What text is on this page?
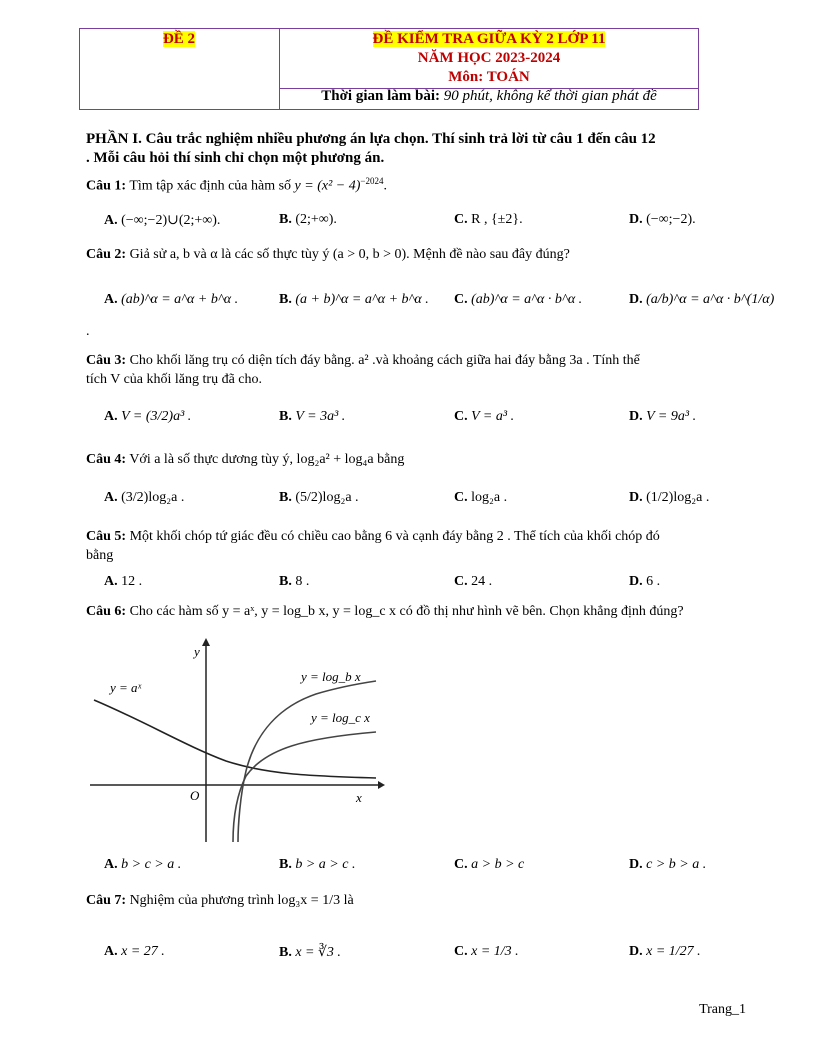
ĐỀ 2	ĐỀ KIỂM TRA GIỮA KỲ 2 LỚP 11
NĂM HỌC 2023-2024
Môn: TOÁN
Thời gian làm bài: 90 phút, không kể thời gian phát đề
PHẦN I. Câu trắc nghiệm nhiều phương án lựa chọn. Thí sinh trả lời từ câu 1 đến câu 12
. Mỗi câu hỏi thí sinh chỉ chọn một phương án.
Câu 1: Tìm tập xác định của hàm số $y = (x^2 - 4)^{-2024}$.
A. (−∞;−2)∪(2;+∞).	B. (2;+∞).	C. R , {±2}.	D. (−∞;−2).
Câu 2: Giả sử a, b và α là các số thực tùy ý (a > 0, b > 0). Mệnh đề nào sau đây đúng?
A. (ab)^α = a^α + b^α .	B. (a + b)^α = a^α + b^α . C. (ab)^α = a^α · b^α .	D. (a/b)^α = a^α · b^(1/α)
.
Câu 3: Cho khối lăng trụ có diện tích đáy bằng. a² .và khoảng cách giữa hai đáy bằng 3a . Tính thể
tích V của khối lăng trụ đã cho.
A. V = (3/2)a³ .	B. V = 3a³ .	C. V = a³ .	D. V = 9a³ .
Câu 4: Với a là số thực dương tùy ý, log₂a² + log₄a bằng
A. (3/2)log₂a .	B. (5/2)log₂a .	C. log₂a .	D. (1/2)log₂a .
Câu 5: Một khối chóp tứ giác đều có chiều cao bằng 6 và cạnh đáy bằng 2 . Thể tích của khối chóp đó
bằng
A. 12 .	B. 8 .	C. 24 .	D. 6 .
Câu 6: Cho các hàm số y = aˣ, y = log_b x, y = log_c x có đồ thị như hình vẽ bên. Chọn khẳng định đúng?
y
x
O
y = aˣ
y = log_b x
y = log_c x
A. b > c > a .	B. b > a > c .	C. a > b > c	D. c > b > a .
Câu 7: Nghiệm của phương trình log₃x = 1/3 là
A. x = 27 .	B. x = ∛3 .	C. x = 1/3 .	D. x = 1/27 .
Trang_1
